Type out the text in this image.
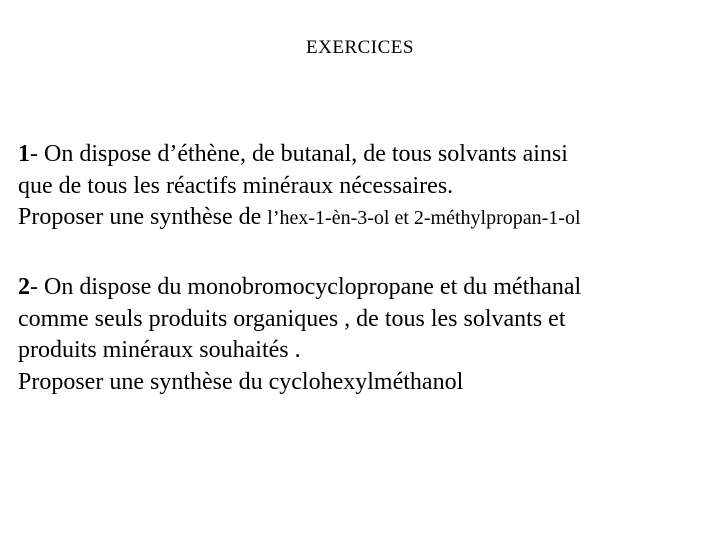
EXERCICES
1- On dispose d’éthène, de butanal, de tous solvants ainsi
que de tous les réactifs minéraux nécessaires.
Proposer une synthèse de l’hex-1-èn-3-ol et 2-méthylpropan-1-ol
2- On dispose du monobromocyclopropane et du méthanal
comme seuls produits organiques , de tous les solvants et
produits minéraux souhaités .
Proposer une synthèse du cyclohexylméthanol
